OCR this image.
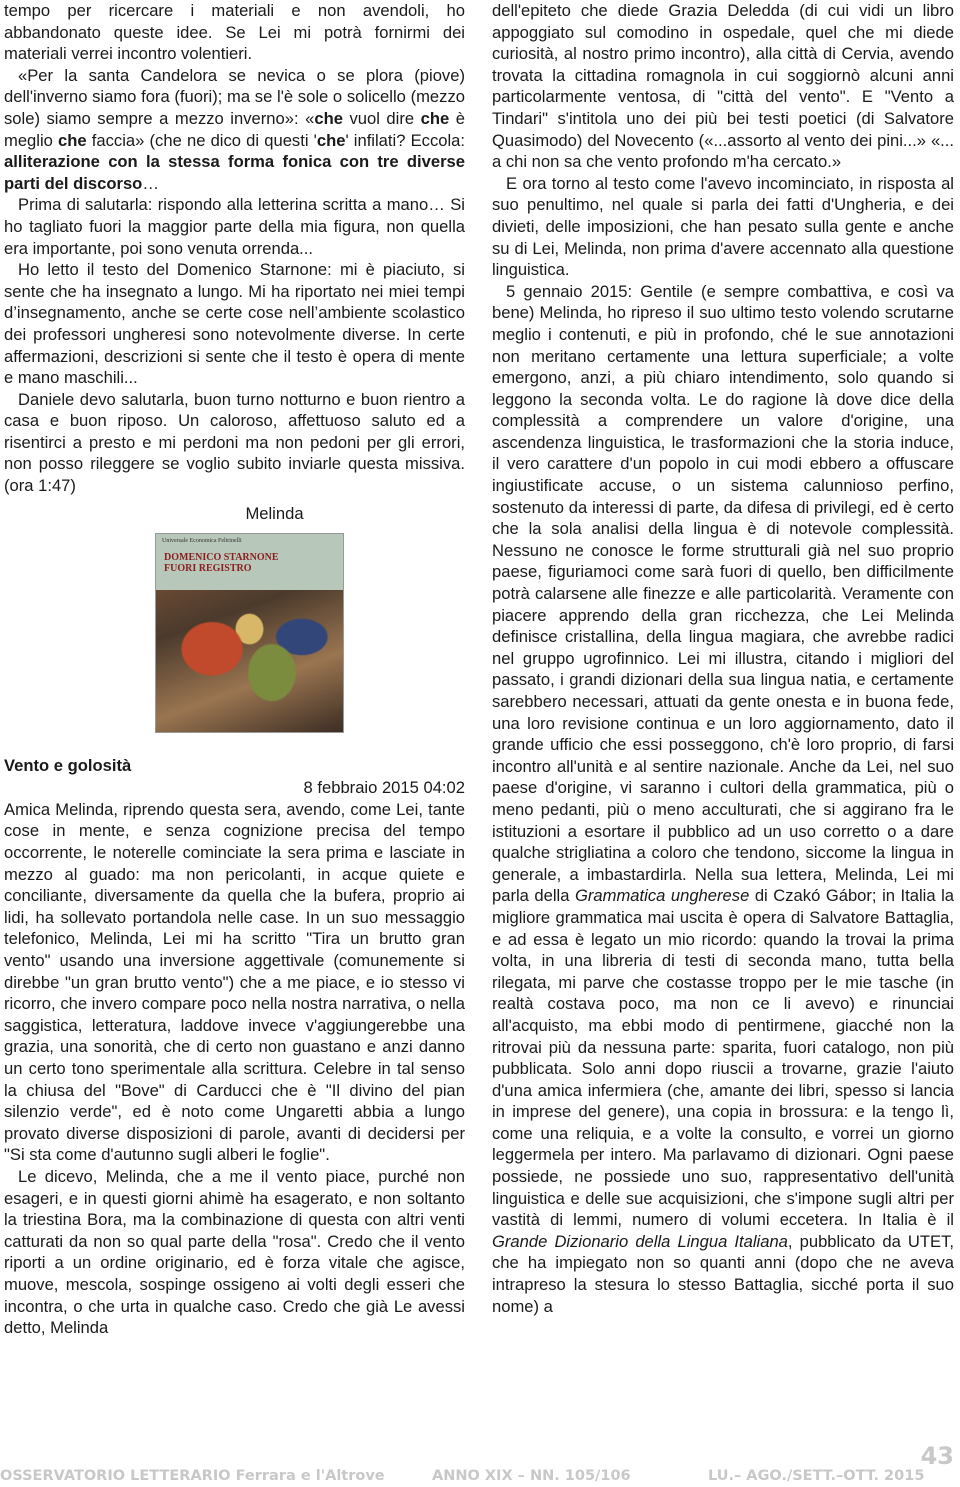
tempo per ricercare i materiali e non avendoli, ho abbandonato queste idee. Se Lei mi potrà fornirmi dei materiali verrei incontro volentieri.

«Per la santa Candelora se nevica o se plora (piove) dell'inverno siamo fora (fuori); ma se l'è sole o solicello (mezzo sole) siamo sempre a mezzo inverno»: «che vuol dire che è meglio che faccia» (che ne dico di questi 'che' infilati? Eccola: alliterazione con la stessa forma fonica con tre diverse parti del discorso…

Prima di salutarla: rispondo alla letterina scritta a mano… Si ho tagliato fuori la maggior parte della mia figura, non quella era importante, poi sono venuta orrenda...

Ho letto il testo del Domenico Starnone: mi è piaciuto, si sente che ha insegnato a lungo. Mi ha riportato nei miei tempi d’insegnamento, anche se certe cose nell’ambiente scolastico dei professori ungheresi sono notevolmente diverse. In certe affermazioni, descrizioni si sente che il testo è opera di mente e mano maschili...

Daniele devo salutarla, buon turno notturno e buon rientro a casa e buon riposo. Un caloroso, affettuoso saluto ed a risentirci a presto e mi perdoni ma non pedoni per gli errori, non posso rileggere se voglio subito inviarle questa missiva. (ora 1:47)

Melinda

Universale Economica Feltrinelli
DOMENICO STARNONE
FUORI REGISTRO

Vento e golosità

8 febbraio 2015 04:02

Amica Melinda, riprendo questa sera, avendo, come Lei, tante cose in mente, e senza cognizione precisa del tempo occorrente, le noterelle cominciate la sera prima e lasciate in mezzo al guado: ma non pericolanti, in acque quiete e conciliante, diversamente da quella che la bufera, proprio ai lidi, ha sollevato portandola nelle case. In un suo messaggio telefonico, Melinda, Lei mi ha scritto "Tira un brutto gran vento" usando una inversione aggettivale (comunemente si direbbe "un gran brutto vento") che a me piace, e io stesso vi ricorro, che invero compare poco nella nostra narrativa, o nella saggistica, letteratura, laddove invece v'aggiungerebbe una grazia, una sonorità, che di certo non guastano e anzi danno un certo tono sperimentale alla scrittura. Celebre in tal senso la chiusa del "Bove" di Carducci che è "Il divino del pian silenzio verde", ed è noto come Ungaretti abbia a lungo provato diverse disposizioni di parole, avanti di decidersi per "Si sta come d'autunno sugli alberi le foglie".

Le dicevo, Melinda, che a me il vento piace, purché non esageri, e in questi giorni ahimè ha esagerato, e non soltanto la triestina Bora, ma la combinazione di questa con altri venti catturati da non so qual parte della "rosa". Credo che il vento riporti a un ordine originario, ed è forza vitale che agisce, muove, mescola, sospinge ossigeno ai volti degli esseri che incontra, o che urta in qualche caso. Credo che già Le avessi detto, Melinda

dell'epiteto che diede Grazia Deledda (di cui vidi un libro appoggiato sul comodino in ospedale, quel che mi diede curiosità, al nostro primo incontro), alla città di Cervia, avendo trovata la cittadina romagnola in cui soggiornò alcuni anni particolarmente ventosa, di "città del vento". E "Vento a Tindari" s'intitola uno dei più bei testi poetici (di Salvatore Quasimodo) del Novecento («...assorto al vento dei pini...» «... a chi non sa che vento profondo m'ha cercato.»

E ora torno al testo come l'avevo incominciato, in risposta al suo penultimo, nel quale si parla dei fatti d'Ungheria, e dei divieti, delle imposizioni, che han pesato sulla gente e anche su di Lei, Melinda, non prima d'avere accennato alla questione linguistica.

5 gennaio 2015: Gentile (e sempre combattiva, e così va bene) Melinda, ho ripreso il suo ultimo testo volendo scrutarne meglio i contenuti, e più in profondo, ché le sue annotazioni non meritano certamente una lettura superficiale; a volte emergono, anzi, a più chiaro intendimento, solo quando si leggono la seconda volta. Le do ragione là dove dice della complessità a comprendere un valore d'origine, una ascendenza linguistica, le trasformazioni che la storia induce, il vero carattere d'un popolo in cui modi ebbero a offuscare ingiustificate accuse, o un sistema calunnioso perfino, sostenuto da interessi di parte, da difesa di privilegi, ed è certo che la sola analisi della lingua è di notevole complessità. Nessuno ne conosce le forme strutturali già nel suo proprio paese, figuriamoci come sarà fuori di quello, ben difficilmente potrà calarsene alle finezze e alle particolarità. Veramente con piacere apprendo della gran ricchezza, che Lei Melinda definisce cristallina, della lingua magiara, che avrebbe radici nel gruppo ugrofinnico. Lei mi illustra, citando i migliori del passato, i grandi dizionari della sua lingua natia, e certamente sarebbero necessari, attuati da gente onesta e in buona fede, una loro revisione continua e un loro aggiornamento, dato il grande ufficio che essi posseggono, ch'è loro proprio, di farsi incontro all'unità e al sentire nazionale. Anche da Lei, nel suo paese d'origine, vi saranno i cultori della grammatica, più o meno pedanti, più o meno acculturati, che si aggirano fra le istituzioni a esortare il pubblico ad un uso corretto o a dare qualche strigliatina a coloro che tendono, siccome la lingua in generale, a imbastardirla. Nella sua lettera, Melinda, Lei mi parla della Grammatica ungherese di Czakó Gábor; in Italia la migliore grammatica mai uscita è opera di Salvatore Battaglia, e ad essa è legato un mio ricordo: quando la trovai la prima volta, in una libreria di testi di seconda mano, tutta bella rilegata, mi parve che costasse troppo per le mie tasche (in realtà costava poco, ma non ce li avevo) e rinunciai all'acquisto, ma ebbi modo di pentirmene, giacché non la ritrovai più da nessuna parte: sparita, fuori catalogo, non più pubblicata. Solo anni dopo riuscii a trovarne, grazie l'aiuto d'una amica infermiera (che, amante dei libri, spesso si lancia in imprese del genere), una copia in brossura: e la tengo lì, come una reliquia, e a volte la consulto, e vorrei un giorno leggermela per intero. Ma parlavamo di dizionari. Ogni paese possiede, ne possiede uno suo, rappresentativo dell'unità linguistica e delle sue acquisizioni, che s'impone sugli altri per vastità di lemmi, numero di volumi eccetera. In Italia è il Grande Dizionario della Lingua Italiana, pubblicato da UTET, che ha impiegato non so quanti anni (dopo che ne aveva intrapreso la stesura lo stesso Battaglia, sicché porta il suo nome) a

43
OSSERVATORIO LETTERARIO Ferrara e l'Altrove	ANNO XIX – NN. 105/106	LU.– AGO./SETT.–OTT. 2015
